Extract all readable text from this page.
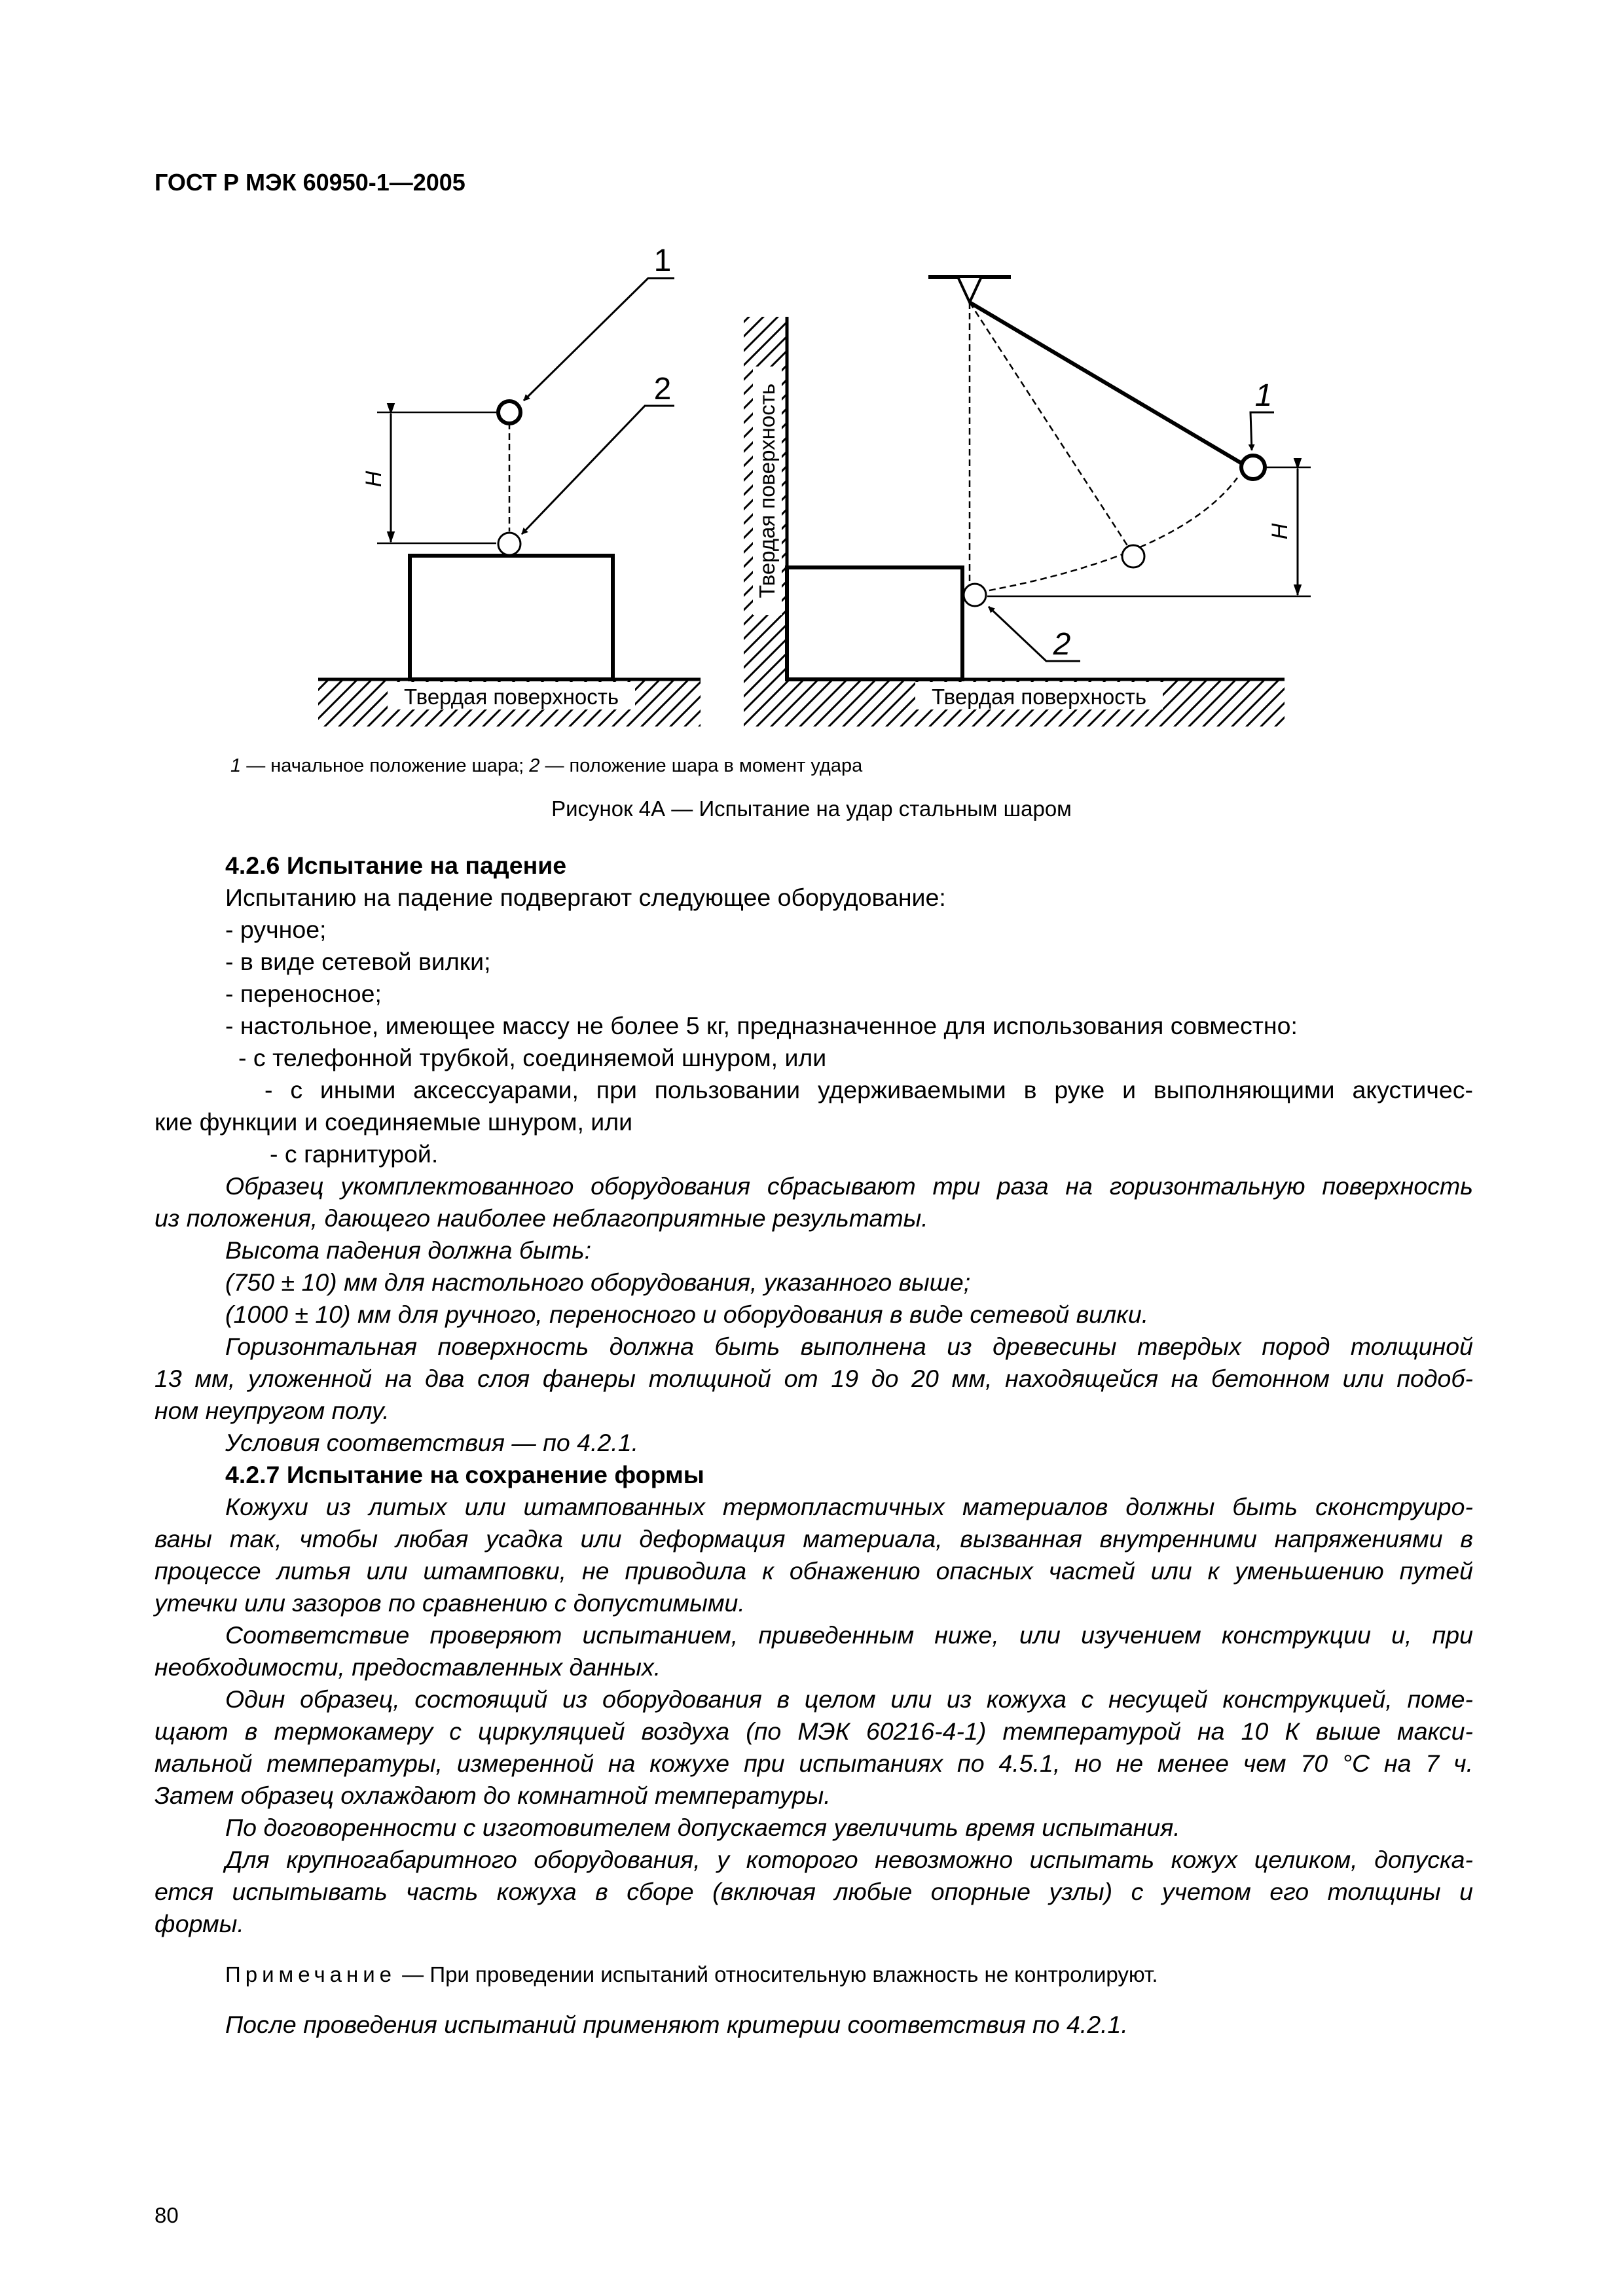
ГОСТ Р МЭК 60950-1—2005
Твердая поверхность
H
1
2	Твердая поверхность
Твердая поверхность
H
1
2
1 — начальное положение шара; 2 — положение шара в момент удара
Рисунок 4А — Испытание на удар стальным шаром

4.2.6 Испытание на падение

Испытанию на падение подвергают следующее оборудование:

- ручное;

- в виде сетевой вилки;

- переносное;

- настольное, имеющее массу не более 5 кг, предназначенное для использования совместно:

- с телефонной трубкой, соединяемой шнуром, или

- с иными аксессуарами, при пользовании удерживаемыми в руке и выполняющими акустичес-

кие функции и соединяемые шнуром, или

- с гарнитурой.

Образец укомплектованного оборудования сбрасывают три раза на горизонтальную поверхность

из положения, дающего наиболее неблагоприятные результаты.

Высота падения должна быть:

(750 ± 10) мм для настольного оборудования, указанного выше;

(1000 ± 10) мм для ручного, переносного и оборудования в виде сетевой вилки.

Горизонтальная поверхность должна быть выполнена из древесины твердых пород толщиной

13 мм, уложенной на два слоя фанеры толщиной от 19 до 20 мм, находящейся на бетонном или подоб-

ном неупругом полу.

Условия соответствия — по 4.2.1.

4.2.7 Испытание на сохранение формы

Кожухи из литых или штампованных термопластичных материалов должны быть сконструиро-

ваны так, чтобы любая усадка или деформация материала, вызванная внутренними напряжениями в

процессе литья или штамповки, не приводила к обнажению опасных частей или к уменьшению путей

утечки или зазоров по сравнению с допустимыми.

Соответствие проверяют испытанием, приведенным ниже, или изучением конструкции и, при

необходимости, предоставленных данных.

Один образец, состоящий из оборудования в целом или из кожуха с несущей конструкцией, поме-

щают в термокамеру с циркуляцией воздуха (по МЭК 60216-4-1) температурой на 10 К выше макси-

мальной температуры, измеренной на кожухе при испытаниях по 4.5.1, но не менее чем 70 °С на 7 ч.

Затем образец охлаждают до комнатной температуры.

По договоренности с изготовителем допускается увеличить время испытания.

Для крупногабаритного оборудования, у которого невозможно испытать кожух целиком, допуска-

ется испытывать часть кожуха в сборе (включая любые опорные узлы) с учетом его толщины и

формы.

Примечание — При проведении испытаний относительную влажность не контролируют.

После проведения испытаний применяют критерии соответствия по 4.2.1.

80
